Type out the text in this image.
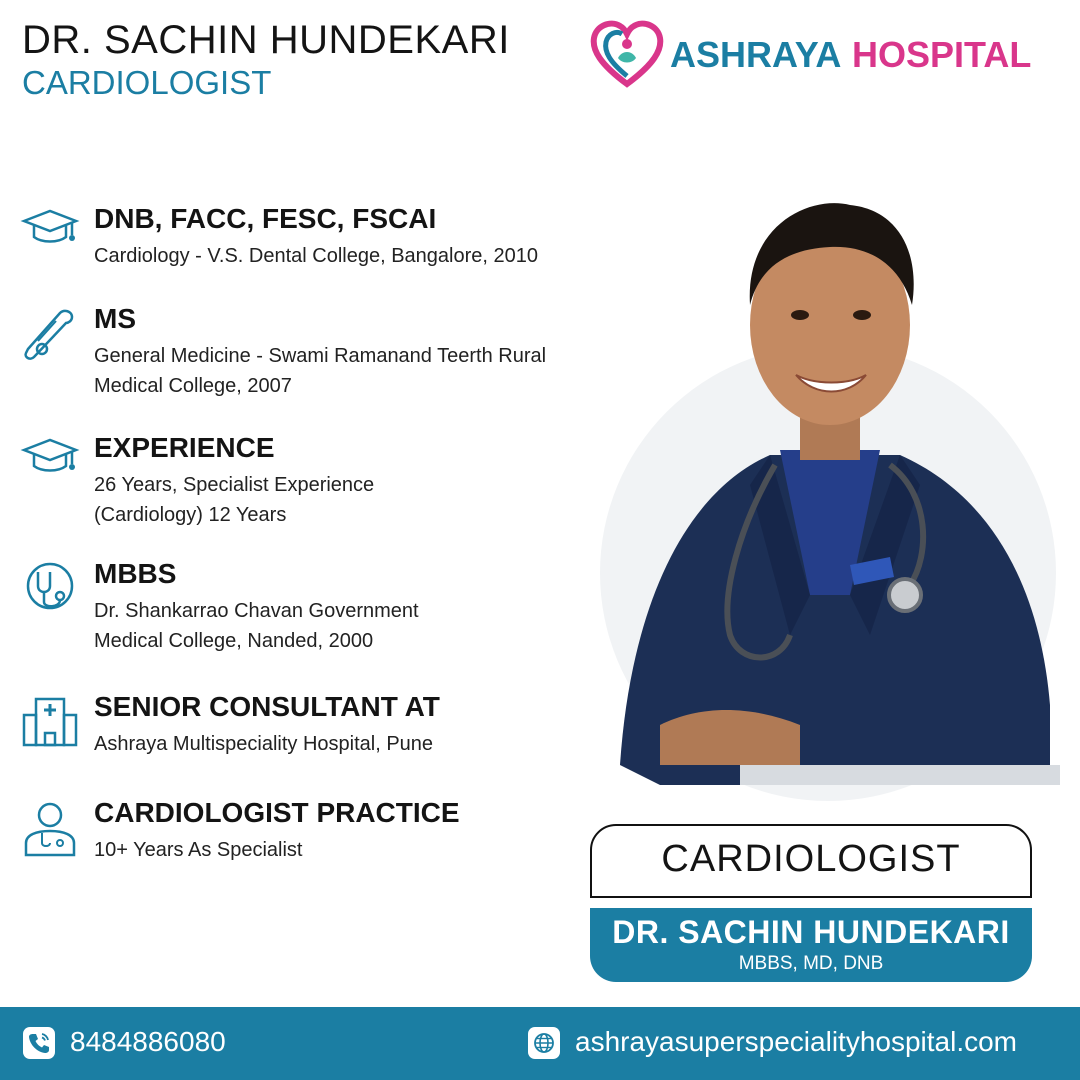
DR. SACHIN HUNDEKARI
CARDIOLOGIST
ASHRAYA HOSPITAL
DNB, FACC, FESC, FSCAI
Cardiology - V.S. Dental College, Bangalore, 2010
MS
General Medicine - Swami Ramanand Teerth Rural
Medical College, 2007
EXPERIENCE
26 Years, Specialist Experience
(Cardiology) 12 Years
MBBS
Dr. Shankarrao Chavan Government
Medical College, Nanded, 2000
SENIOR CONSULTANT AT
Ashraya Multispeciality Hospital, Pune
CARDIOLOGIST PRACTICE
10+ Years As Specialist	CARDIOLOGIST
DR. SACHIN HUNDEKARI
MBBS, MD, DNB
8484886080	ashrayasuperspecialityhospital.com
